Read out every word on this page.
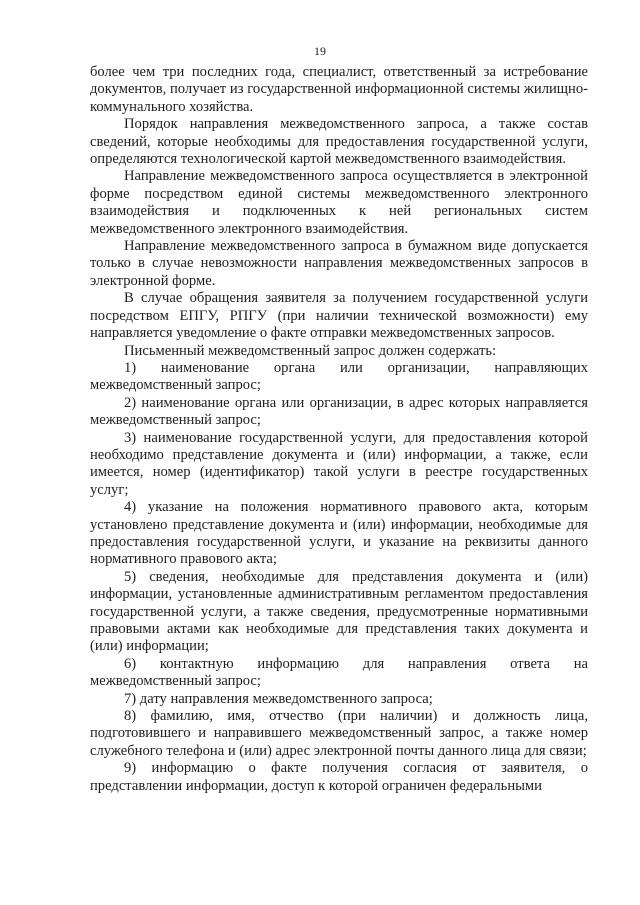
19

более чем три последних года, специалист, ответственный за истребование документов, получает из государственной информационной системы жилищно-коммунального хозяйства.

Порядок направления межведомственного запроса, а также состав сведений, которые необходимы для предоставления государственной услуги, определяются технологической картой межведомственного взаимодействия.

Направление межведомственного запроса осуществляется в электронной форме посредством единой системы межведомственного электронного взаимодействия и подключенных к ней региональных систем межведомственного электронного взаимодействия.

Направление межведомственного запроса в бумажном виде допускается только в случае невозможности направления межведомственных запросов в электронной форме.

В случае обращения заявителя за получением государственной услуги посредством ЕПГУ, РПГУ (при наличии технической возможности) ему направляется уведомление о факте отправки межведомственных запросов.

Письменный межведомственный запрос должен содержать:

1) наименование органа или организации, направляющих межведомственный запрос;

2) наименование органа или организации, в адрес которых направляется межведомственный запрос;

3) наименование государственной услуги, для предоставления которой необходимо представление документа и (или) информации, а также, если имеется, номер (идентификатор) такой услуги в реестре государственных услуг;

4) указание на положения нормативного правового акта, которым установлено представление документа и (или) информации, необходимые для предоставления государственной услуги, и указание на реквизиты данного нормативного правового акта;

5) сведения, необходимые для представления документа и (или) информации, установленные административным регламентом предоставления государственной услуги, а также сведения, предусмотренные нормативными правовыми актами как необходимые для представления таких документа и (или) информации;

6) контактную информацию для направления ответа на межведомственный запрос;

7) дату направления межведомственного запроса;

8) фамилию, имя, отчество (при наличии) и должность лица, подготовившего и направившего межведомственный запрос, а также номер служебного телефона и (или) адрес электронной почты данного лица для связи;

9) информацию о факте получения согласия от заявителя, о представлении информации, доступ к которой ограничен федеральными
